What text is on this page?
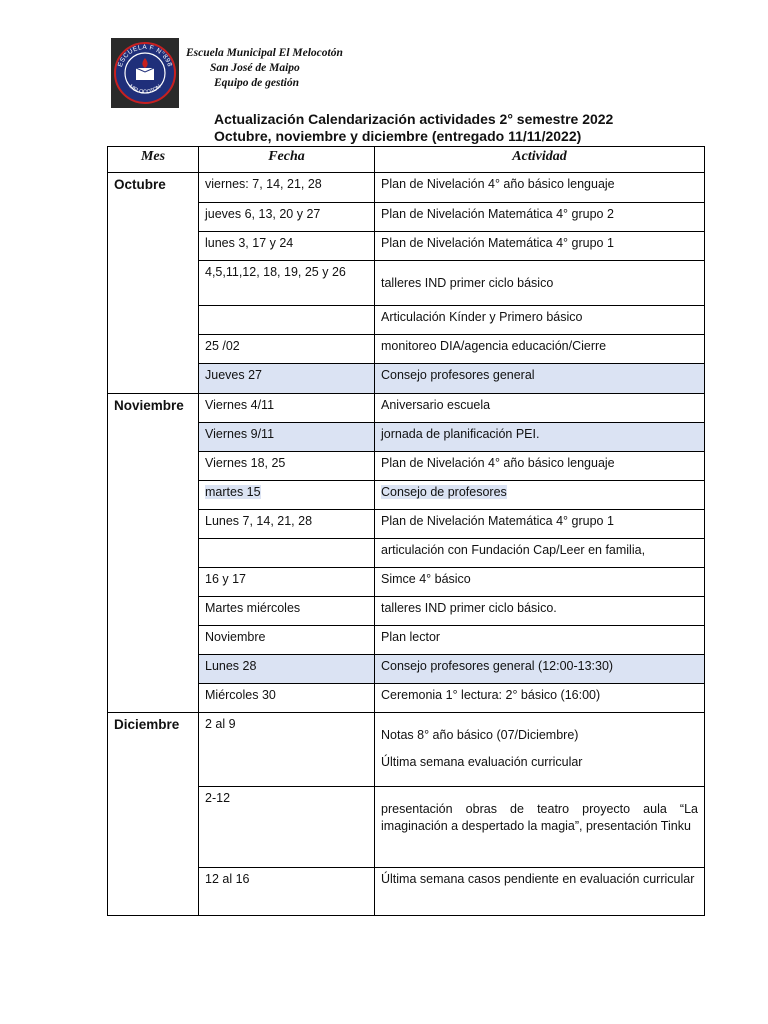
ESCUELA F N°898
MELOCOTON
Escuela Municipal El Melocotón
San José de Maipo
Equipo de gestión
Actualización Calendarización actividades 2° semestre 2022
Octubre, noviembre y diciembre (entregado 11/11/2022)
Mes	Fecha	Actividad
Octubre	viernes: 7, 14, 21, 28	Plan de Nivelación 4° año básico lenguaje
	jueves 6, 13, 20 y 27	Plan de Nivelación Matemática 4° grupo 2
	lunes 3, 17 y 24	Plan de Nivelación Matemática 4° grupo 1
	4,5,11,12, 18, 19, 25 y 26	talleres IND primer ciclo básico
		Articulación Kínder y Primero básico
	25 /02	monitoreo DIA/agencia educación/Cierre
	Jueves 27	Consejo profesores general
Noviembre	Viernes 4/11	Aniversario escuela
	Viernes 9/11	jornada de planificación PEI.
	Viernes 18, 25	Plan de Nivelación 4° año básico lenguaje
	martes 15	Consejo de profesores
	Lunes 7, 14, 21, 28	Plan de Nivelación Matemática 4° grupo 1
		articulación con Fundación Cap/Leer en familia,
	16 y 17	Simce 4° básico
	Martes miércoles	talleres IND primer ciclo básico.
	Noviembre	Plan lector
	Lunes 28	Consejo profesores general (12:00-13:30)
	Miércoles 30	Ceremonia 1° lectura: 2° básico (16:00)
Diciembre	2 al 9	Notas 8° año básico (07/Diciembre)
Última semana evaluación curricular

	2-12	presentación obras de teatro proyecto aula “La imaginación a despertado la magia”, presentación Tinku
	12 al 16	Última semana casos pendiente en evaluación curricular
